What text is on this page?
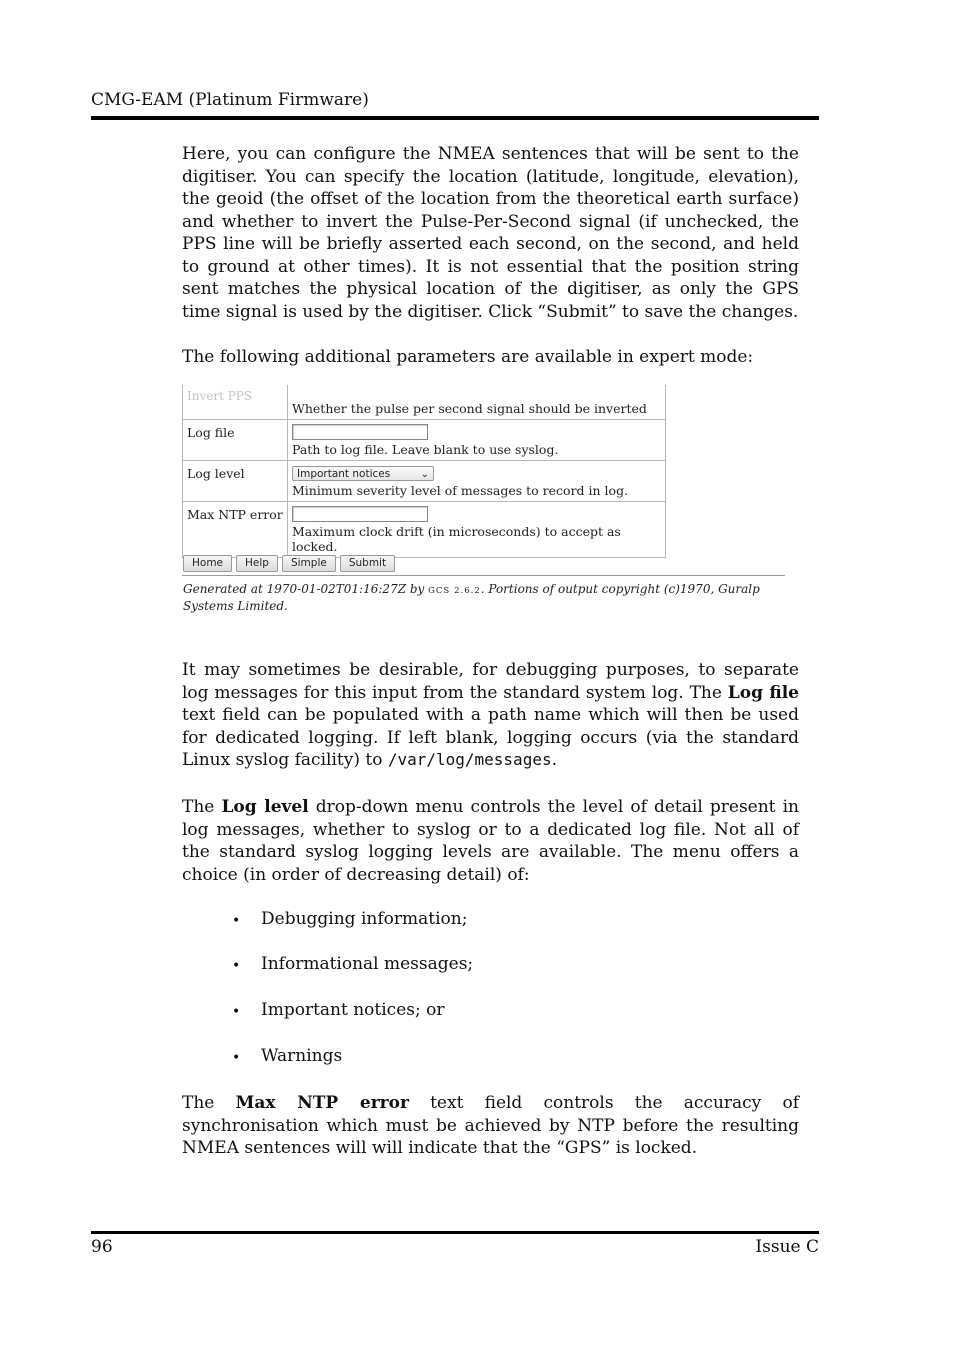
CMG-EAM (Platinum Firmware)

Here, you can configure the NMEA sentences that will be sent to the digitiser. You can specify the location (latitude, longitude, elevation), the geoid (the offset of the location from the theoretical earth surface) and whether to invert the Pulse-Per-Second signal (if unchecked, the PPS line will be briefly asserted each second, on the second, and held to ground at other times). It is not essential that the position string sent matches the physical location of the digitiser, as only the GPS time signal is used by the digitiser. Click “Submit” to save the changes.

The following additional parameters are available in expert mode:

Invert PPS	Whether the pulse per second signal should be inverted
Log file	Path to log file. Leave blank to use syslog.

Log level	Important notices ⌄
Minimum severity level of messages to record in log.

Max NTP error	Maximum clock drift (in microseconds) to accept as locked.
Home Help Simple Submit
Generated at 1970-01-02T01:16:27Z by GCS 2.6.2. Portions of output copyright (c)1970, Guralp Systems Limited.

It may sometimes be desirable, for debugging purposes, to separate log messages for this input from the standard system log. The Log file text field can be populated with a path name which will then be used for dedicated logging. If left blank, logging occurs (via the standard Linux syslog facility) to /var/log/messages.

The Log level drop-down menu controls the level of detail present in log messages, whether to syslog or to a dedicated log file. Not all of the standard syslog logging levels are available. The menu offers a choice (in order of decreasing detail) of:

• Debugging information;
• Informational messages;
• Important notices; or
• Warnings

The Max NTP error text field controls the accuracy of synchronisation which must be achieved by NTP before the resulting NMEA sentences will will indicate that the “GPS” is locked.

96	Issue C
